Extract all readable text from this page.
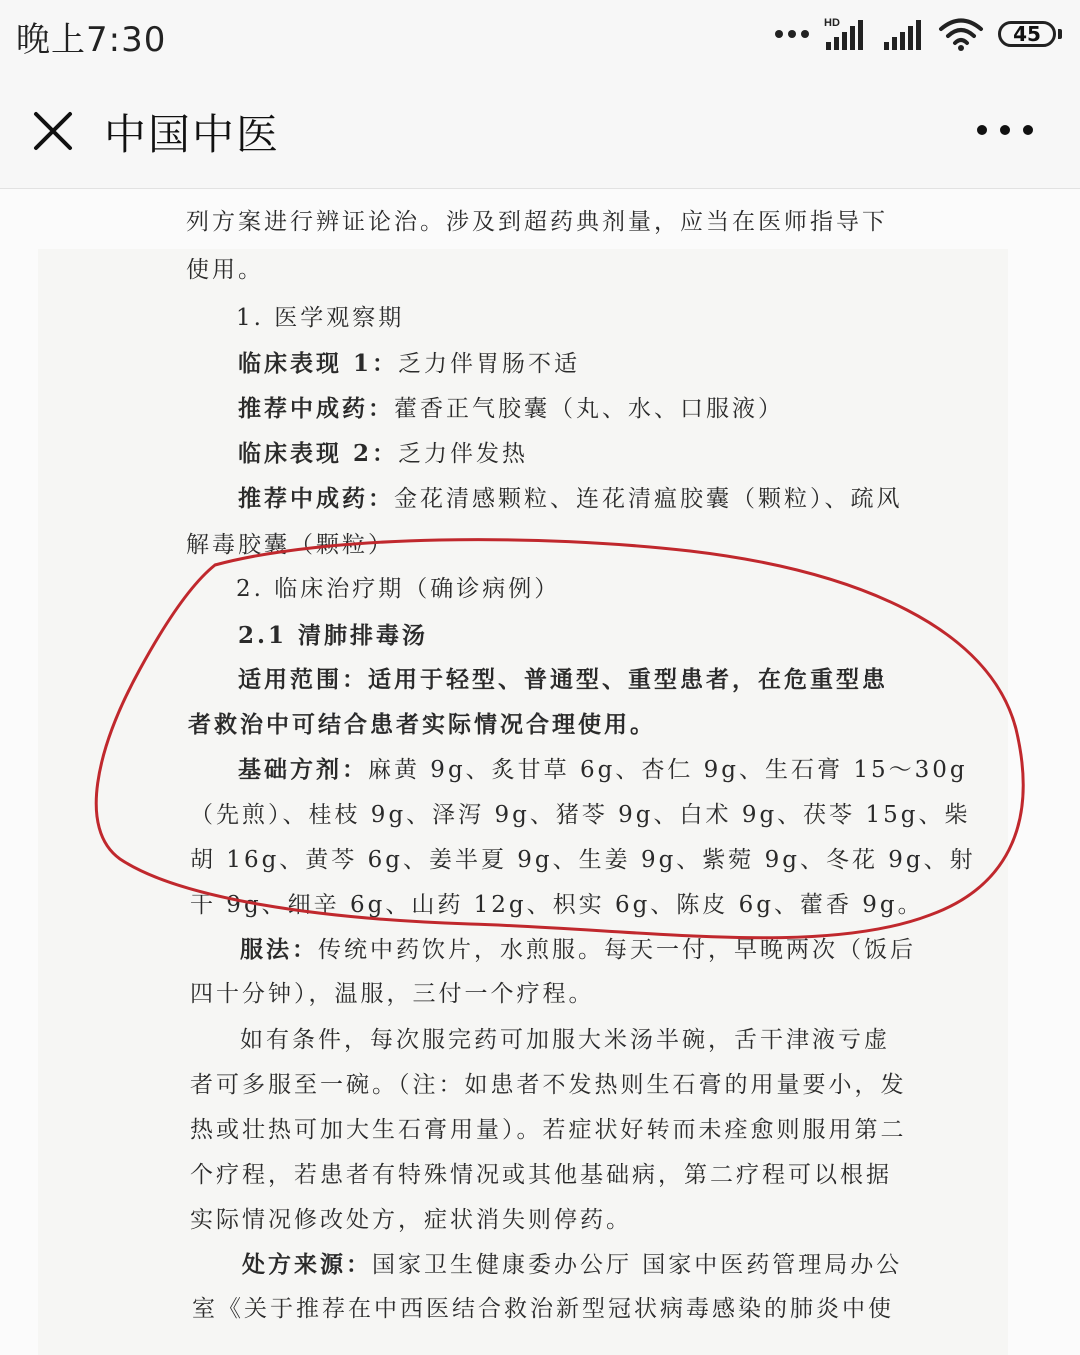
晚上7:30	HD	45
中国中医
列方案进行辨证论治。涉及到超药典剂量，应当在医师指导下
使用。
1. 医学观察期
临床表现 1：乏力伴胃肠不适
推荐中成药：藿香正气胶囊（丸、水、口服液）
临床表现 2：乏力伴发热
推荐中成药：金花清感颗粒、连花清瘟胶囊（颗粒）、疏风
解毒胶囊（颗粒）
2. 临床治疗期（确诊病例）
2.1 清肺排毒汤
适用范围：适用于轻型、普通型、重型患者，在危重型患
者救治中可结合患者实际情况合理使用。
基础方剂：麻黄 9g、炙甘草 6g、杏仁 9g、生石膏 15～30g
（先煎）、桂枝 9g、泽泻 9g、猪苓 9g、白术 9g、茯苓 15g、柴
胡 16g、黄芩 6g、姜半夏 9g、生姜 9g、紫菀 9g、冬花 9g、射
干 9g、细辛 6g、山药 12g、枳实 6g、陈皮 6g、藿香 9g。
服法：传统中药饮片，水煎服。每天一付，早晚两次（饭后
四十分钟），温服，三付一个疗程。
如有条件，每次服完药可加服大米汤半碗，舌干津液亏虚
者可多服至一碗。（注：如患者不发热则生石膏的用量要小，发
热或壮热可加大生石膏用量）。若症状好转而未痊愈则服用第二
个疗程，若患者有特殊情况或其他基础病，第二疗程可以根据
实际情况修改处方，症状消失则停药。
处方来源：国家卫生健康委办公厅 国家中医药管理局办公
室《关于推荐在中西医结合救治新型冠状病毒感染的肺炎中使
